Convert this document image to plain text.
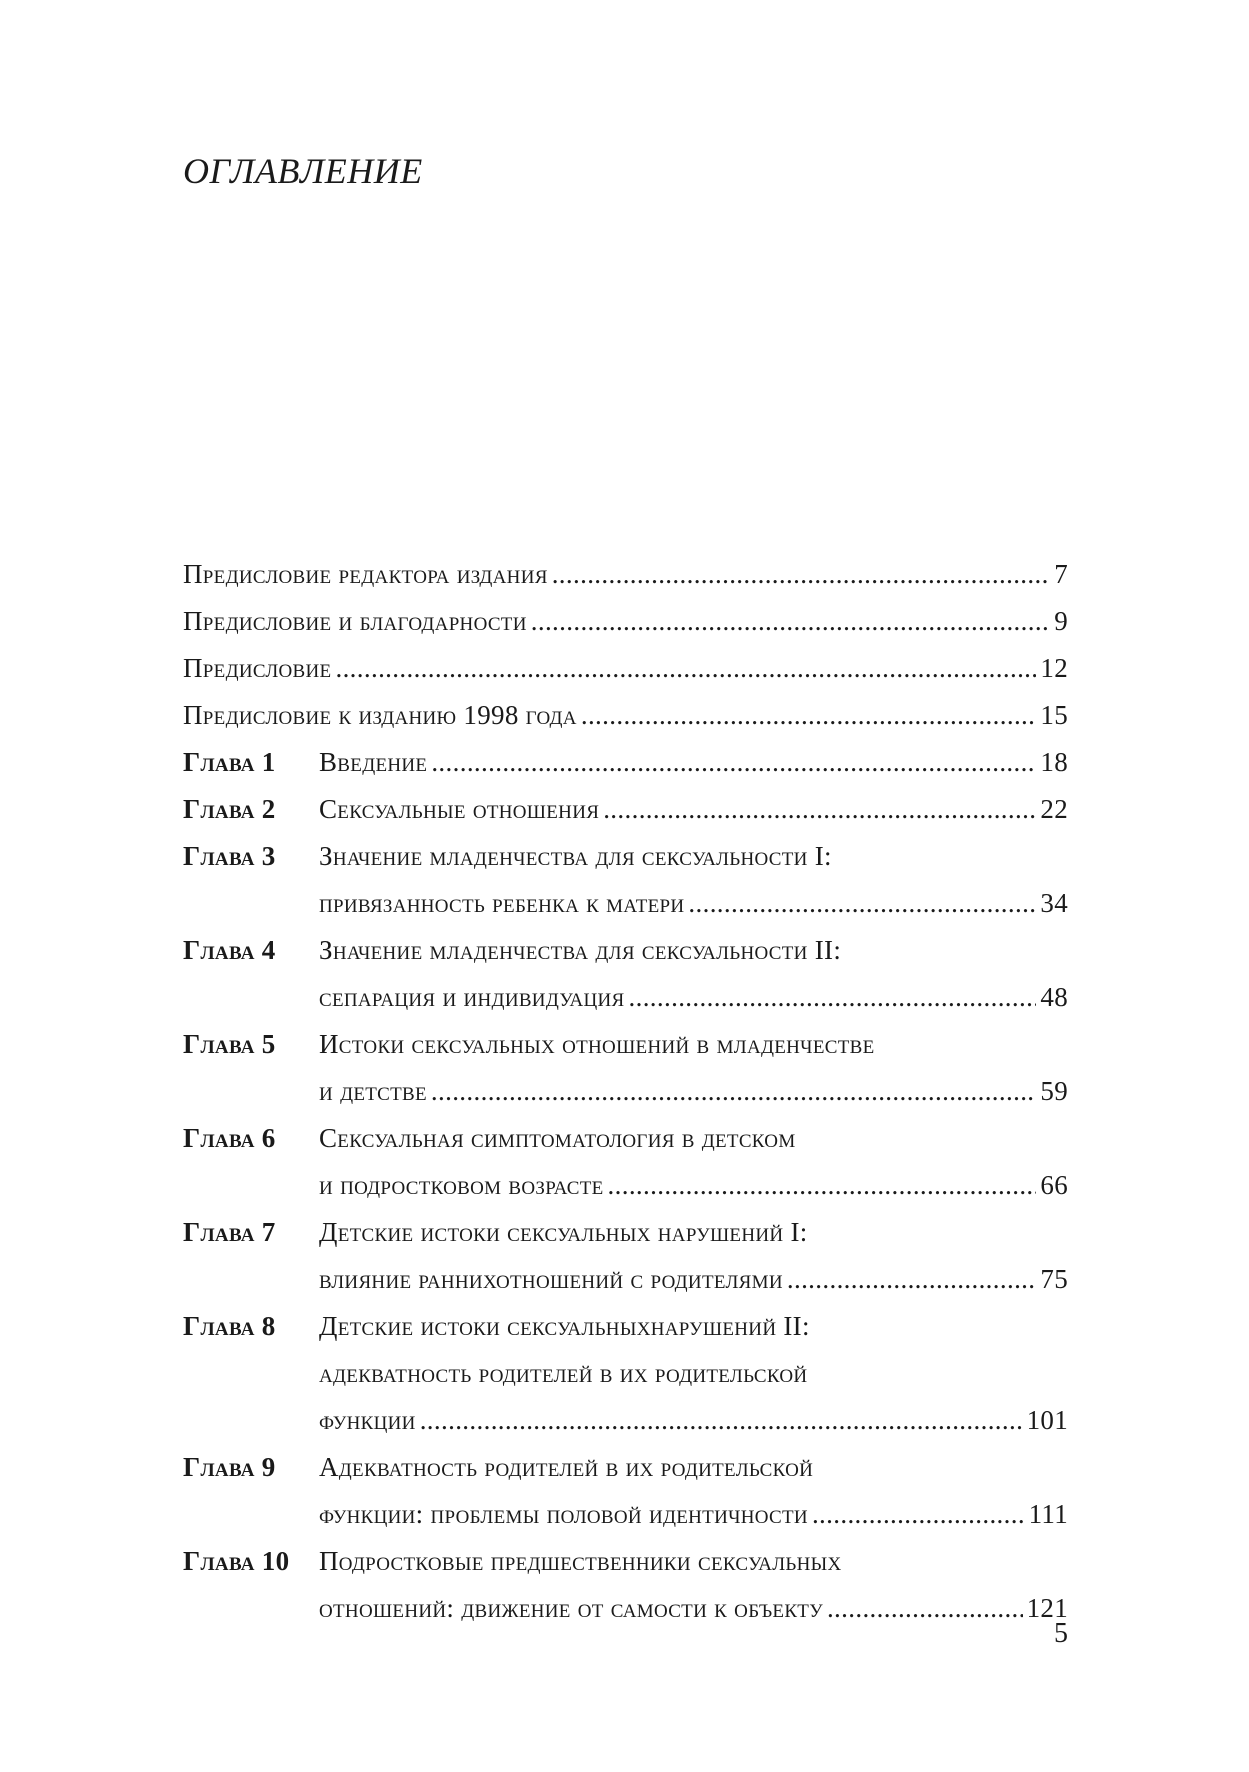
ОГЛАВЛЕНИЕ
Предисловие редактора издания . . .	7
Предисловие и благодарности . . .	9
Предисловие . . .	12
Предисловие к изданию 1998 года . . .	15
Глава 1	Введение . . .	18
Глава 2	Сексуальные отношения . . .	22
Глава 3	Значение младенчества для сексуальности I:
привязанность ребенка к матери . . .	34
Глава 4	Значение младенчества для сексуальности II:
сепарация и индивидуация . . .	48
Глава 5	Истоки сексуальных отношений в младенчестве
и детстве . . .	59
Глава 6	Сексуальная симптоматология в детском
и подростковом возрасте . . .	66
Глава 7	Детские истоки сексуальных нарушений I:
влияние раннихотношений с родителями . . .	75
Глава 8	Детские истоки сексуальныхнарушений II:
адекватность родителей в их родительской
функции . . .	101
Глава 9	Адекватность родителей в их родительской
функции: проблемы половой идентичности . . .	111
Глава 10	Подростковые предшественники сексуальных
отношений: движение от самости к объекту . . .	121
5
